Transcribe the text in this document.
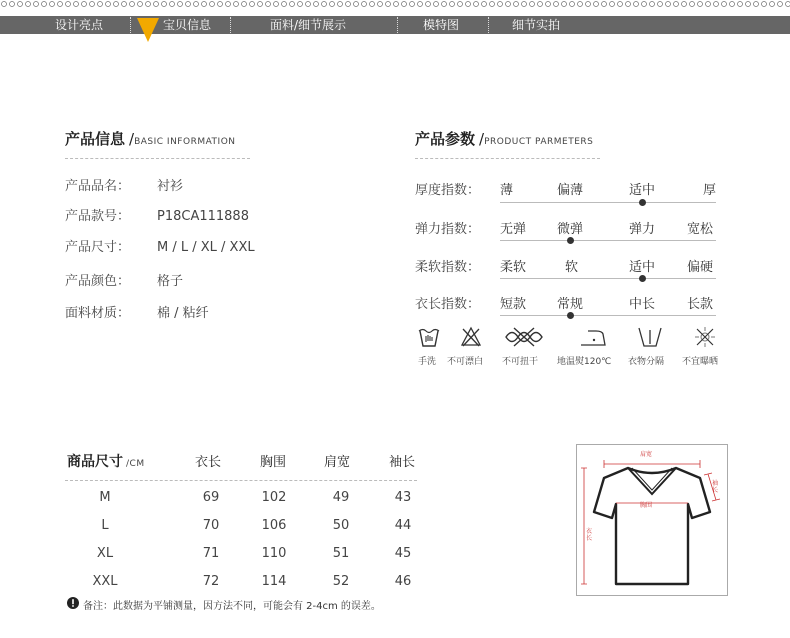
设计亮点	宝贝信息	面料/细节展示	模特图	细节实拍
产品信息 /BASIC INFORMATION
产品品名： 衬衫
产品款号： P18CA111888
产品尺寸： M / L / XL / XXL
产品颜色： 格子
面料材质： 棉 / 粘纤
产品参数 /PRODUCT PARMETERS
厚度指数： 薄	偏薄	适中	厚
弹力指数： 无弹 微弹	弹力 宽松
柔软指数： 柔软	软	适中 偏硬
衣长指数： 短款 常规	中长 长款
手洗 不可漂白 不可扭干 地温熨120℃ 衣物分隔 不宜曝晒
商品尺寸 /CM	衣长	胸围	肩宽	袖长
M	69	102	49	43
L	70	106	50	44
XL	71	110	51	45
XXL	72	114	52	46
备注：此数据为平铺测量，因方法不同，可能会有 2-4cm 的误差。
肩宽
胸围
袖长
衣长
